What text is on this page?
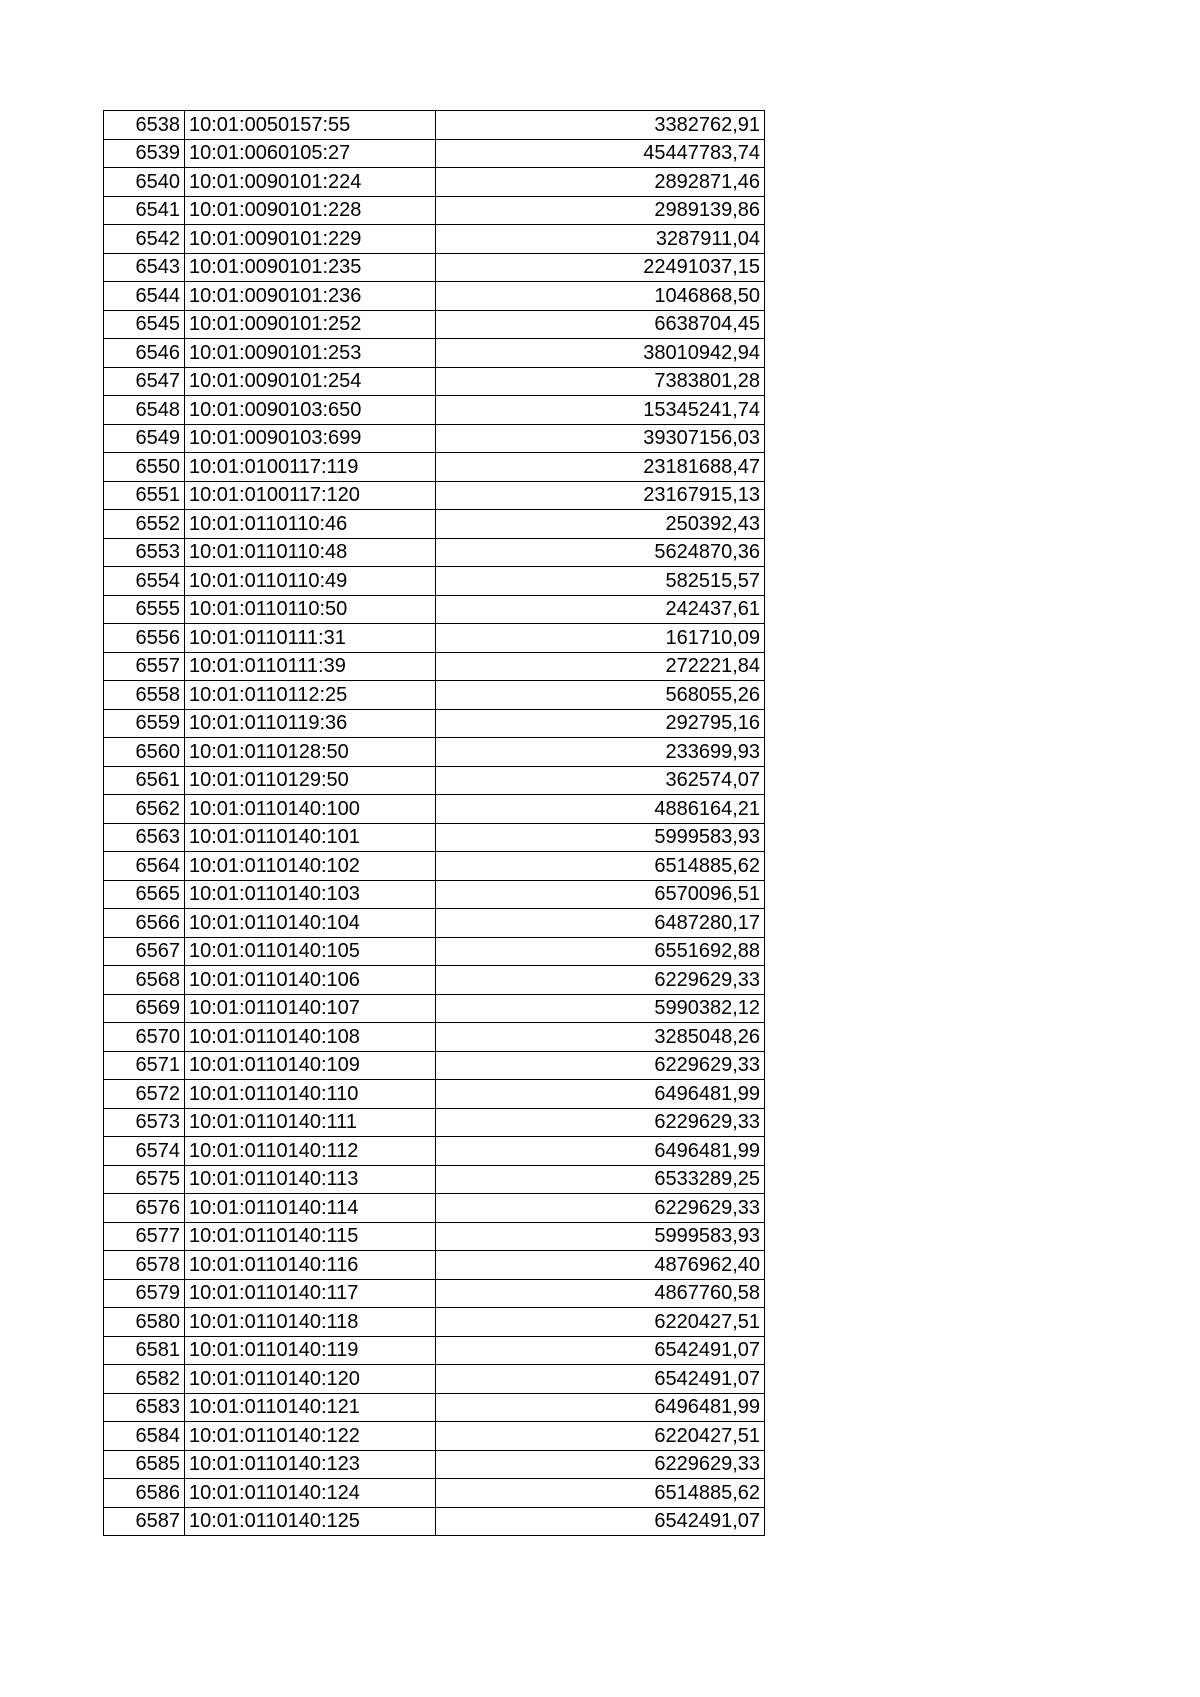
6538	10:01:0050157:55	3382762,91
6539	10:01:0060105:27	45447783,74
6540	10:01:0090101:224	2892871,46
6541	10:01:0090101:228	2989139,86
6542	10:01:0090101:229	3287911,04
6543	10:01:0090101:235	22491037,15
6544	10:01:0090101:236	1046868,50
6545	10:01:0090101:252	6638704,45
6546	10:01:0090101:253	38010942,94
6547	10:01:0090101:254	7383801,28
6548	10:01:0090103:650	15345241,74
6549	10:01:0090103:699	39307156,03
6550	10:01:0100117:119	23181688,47
6551	10:01:0100117:120	23167915,13
6552	10:01:0110110:46	250392,43
6553	10:01:0110110:48	5624870,36
6554	10:01:0110110:49	582515,57
6555	10:01:0110110:50	242437,61
6556	10:01:0110111:31	161710,09
6557	10:01:0110111:39	272221,84
6558	10:01:0110112:25	568055,26
6559	10:01:0110119:36	292795,16
6560	10:01:0110128:50	233699,93
6561	10:01:0110129:50	362574,07
6562	10:01:0110140:100	4886164,21
6563	10:01:0110140:101	5999583,93
6564	10:01:0110140:102	6514885,62
6565	10:01:0110140:103	6570096,51
6566	10:01:0110140:104	6487280,17
6567	10:01:0110140:105	6551692,88
6568	10:01:0110140:106	6229629,33
6569	10:01:0110140:107	5990382,12
6570	10:01:0110140:108	3285048,26
6571	10:01:0110140:109	6229629,33
6572	10:01:0110140:110	6496481,99
6573	10:01:0110140:111	6229629,33
6574	10:01:0110140:112	6496481,99
6575	10:01:0110140:113	6533289,25
6576	10:01:0110140:114	6229629,33
6577	10:01:0110140:115	5999583,93
6578	10:01:0110140:116	4876962,40
6579	10:01:0110140:117	4867760,58
6580	10:01:0110140:118	6220427,51
6581	10:01:0110140:119	6542491,07
6582	10:01:0110140:120	6542491,07
6583	10:01:0110140:121	6496481,99
6584	10:01:0110140:122	6220427,51
6585	10:01:0110140:123	6229629,33
6586	10:01:0110140:124	6514885,62
6587	10:01:0110140:125	6542491,07
